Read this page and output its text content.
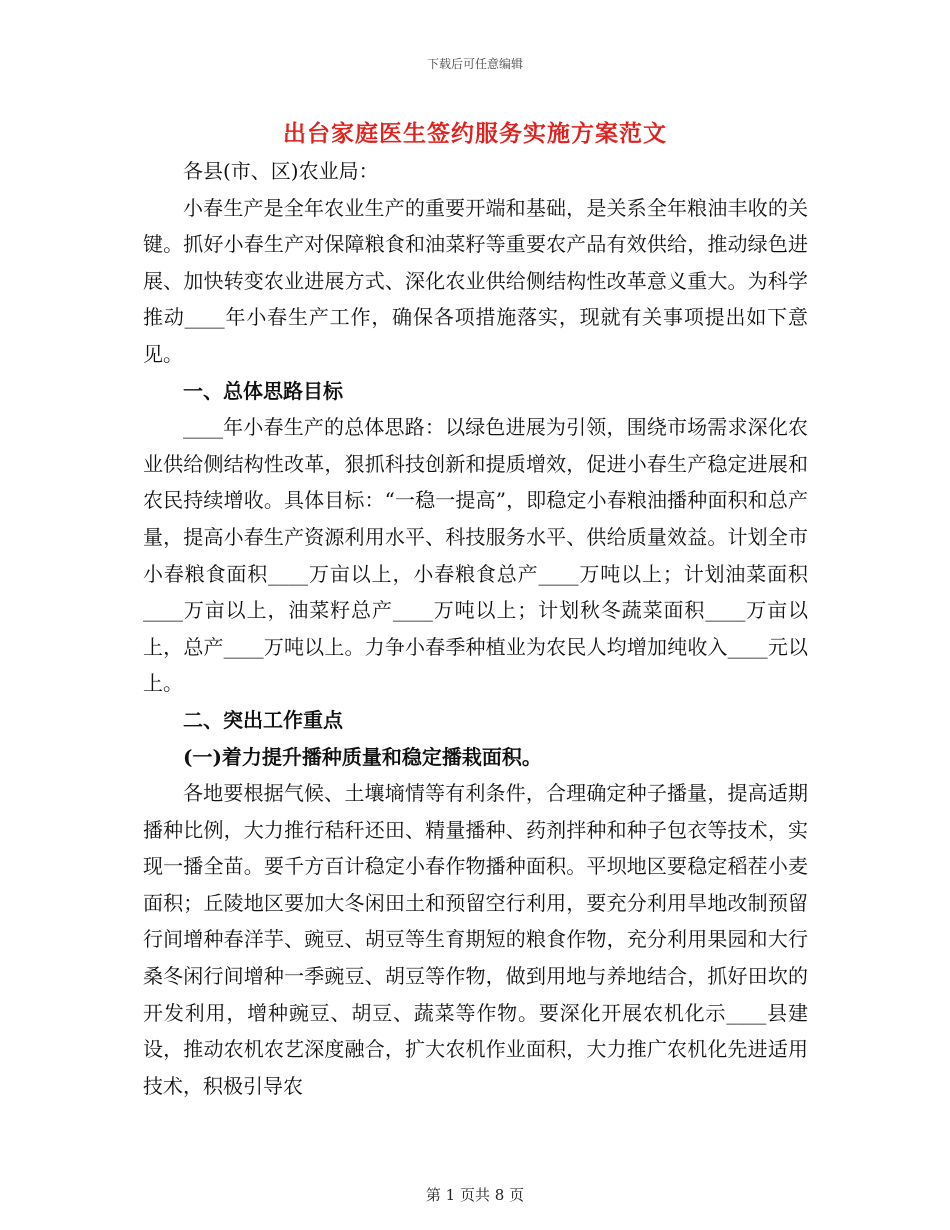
下载后可任意编辑
出台家庭医生签约服务实施方案范文

各县(市、区)农业局：

小春生产是全年农业生产的重要开端和基础，是关系全年粮油丰收的关键。抓好小春生产对保障粮食和油菜籽等重要农产品有效供给，推动绿色进展、加快转变农业进展方式、深化农业供给侧结构性改革意义重大。为科学推动____年小春生产工作，确保各项措施落实，现就有关事项提出如下意见。

一、总体思路目标

____年小春生产的总体思路：以绿色进展为引领，围绕市场需求深化农业供给侧结构性改革，狠抓科技创新和提质增效，促进小春生产稳定进展和农民持续增收。具体目标：“一稳一提高”，即稳定小春粮油播种面积和总产量，提高小春生产资源利用水平、科技服务水平、供给质量效益。计划全市小春粮食面积____万亩以上，小春粮食总产____万吨以上；计划油菜面积____万亩以上，油菜籽总产____万吨以上；计划秋冬蔬菜面积____万亩以上，总产____万吨以上。力争小春季种植业为农民人均增加纯收入____元以上。

二、突出工作重点

(一)着力提升播种质量和稳定播栽面积。

各地要根据气候、土壤墒情等有利条件，合理确定种子播量，提高适期播种比例，大力推行秸秆还田、精量播种、药剂拌种和种子包衣等技术，实现一播全苗。要千方百计稳定小春作物播种面积。平坝地区要稳定稻茬小麦面积；丘陵地区要加大冬闲田土和预留空行利用，要充分利用旱地改制预留行间增种春洋芋、豌豆、胡豆等生育期短的粮食作物，充分利用果园和大行桑冬闲行间增种一季豌豆、胡豆等作物，做到用地与养地结合，抓好田坎的开发利用，增种豌豆、胡豆、蔬菜等作物。要深化开展农机化示____县建设，推动农机农艺深度融合，扩大农机作业面积，大力推广农机化先进适用技术，积极引导农

第 1 页共 8 页
